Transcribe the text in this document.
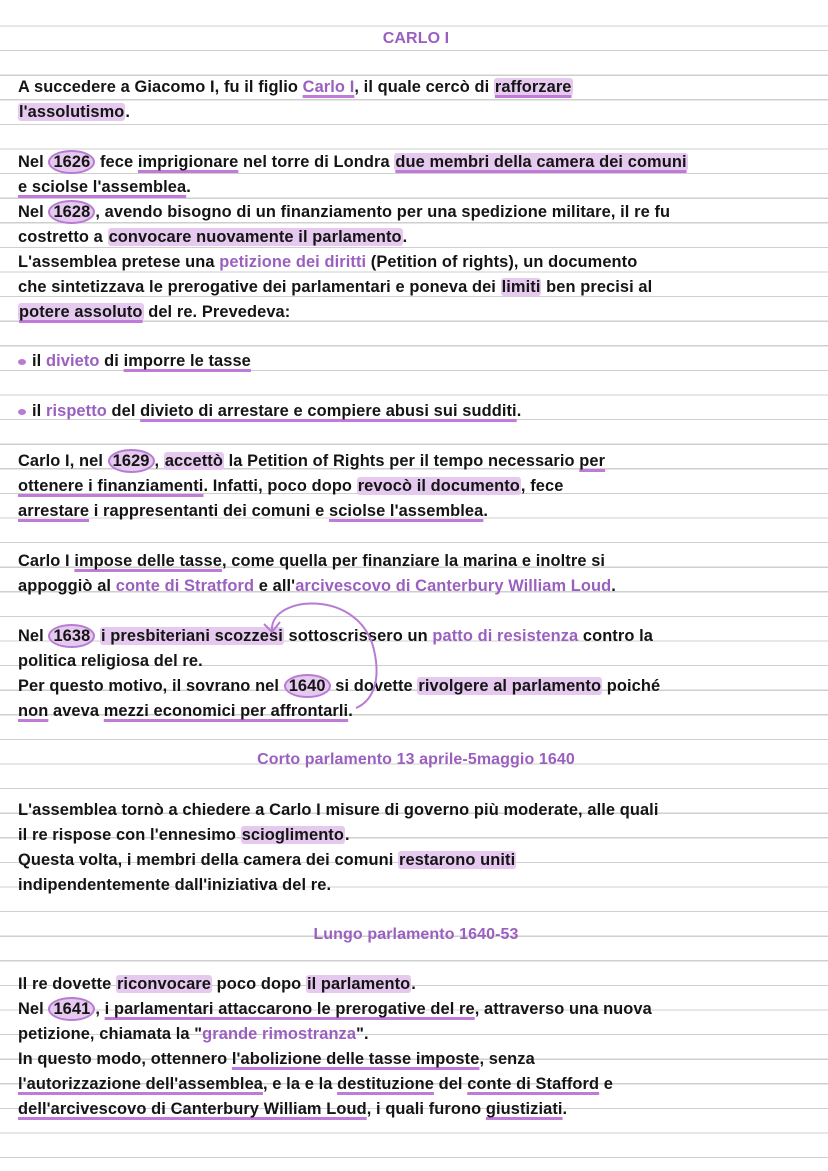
CARLO I
A succedere a Giacomo I, fu il figlio Carlo I, il quale cercò di rafforzare
l'assolutismo.
Nel 1626 fece imprigionare nel torre di Londra due membri della camera dei comuni
e sciolse l'assemblea.
Nel 1628 , avendo bisogno di un finanziamento per una spedizione militare, il re fu
costretto a convocare nuovamente il parlamento.
L'assemblea pretese una petizione dei diritti (Petition of rights), un documento
che sintetizzava le prerogative dei parlamentari e poneva dei limiti ben precisi al
potere assoluto del re. Prevedeva:
il divieto di imporre le tasse
il rispetto del divieto di arrestare e compiere abusi sui sudditi.
Carlo I, nel 1629 , accettò la Petition of Rights per il tempo necessario per
ottenere i finanziamenti. Infatti, poco dopo revocò il documento, fece
arrestare i rappresentanti dei comuni e sciolse l'assemblea.
Carlo I impose delle tasse, come quella per finanziare la marina e inoltre si
appoggiò al conte di Stratford e all'arcivescovo di Canterbury William Loud.
Nel 1638 i presbiteriani scozzesi sottoscrissero un patto di resistenza contro la
politica religiosa del re.
Per questo motivo, il sovrano nel 1640 si dovette rivolgere al parlamento poiché
non aveva mezzi economici per affrontarli.
Corto parlamento 13 aprile-5maggio 1640
L'assemblea tornò a chiedere a Carlo I misure di governo più moderate, alle quali
il re rispose con l'ennesimo scioglimento.
Questa volta, i membri della camera dei comuni restarono uniti
indipendentemente dall'iniziativa del re.
Lungo parlamento 1640-53
Il re dovette riconvocare poco dopo il parlamento.
Nel 1641 , i parlamentari attaccarono le prerogative del re, attraverso una nuova
petizione, chiamata la "grande rimostranza".
In questo modo, ottennero l'abolizione delle tasse imposte, senza
l'autorizzazione dell'assemblea, e la e la destituzione del conte di Stafford e
dell'arcivescovo di Canterbury William Loud, i quali furono giustiziati.
